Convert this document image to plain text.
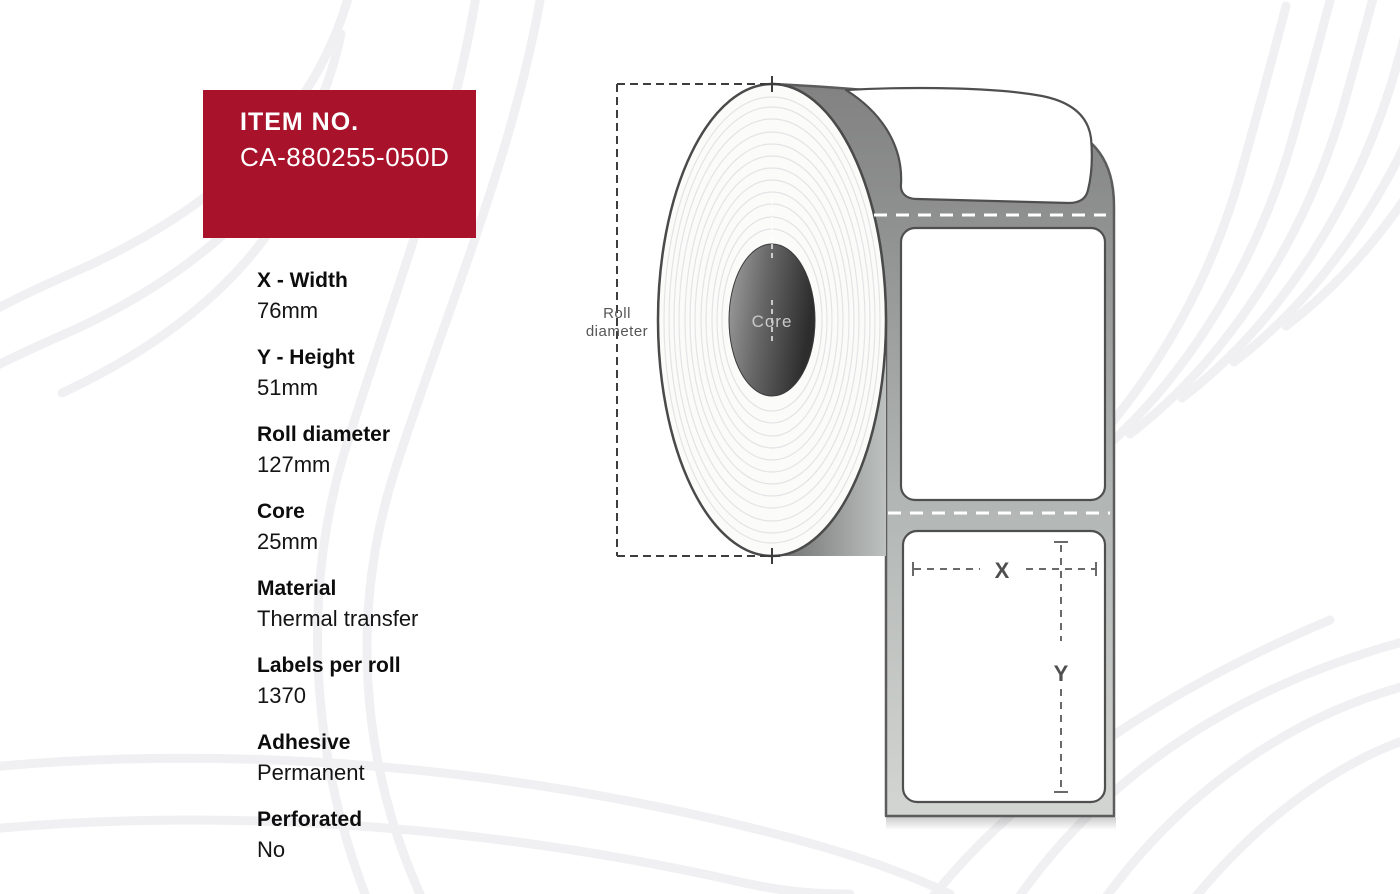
ITEM NO.
CA-880255-050D
X - Width
76mm
Y - Height
51mm
Roll diameter
127mm
Core
25mm
Material
Thermal transfer
Labels per roll
1370
Adhesive
Permanent
Perforated
No
Core
X
Y
Roll
diameter
